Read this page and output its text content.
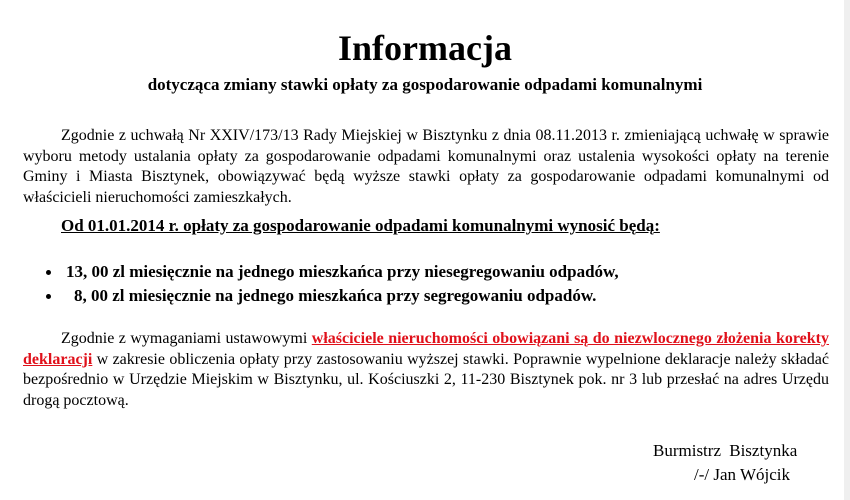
Informacja
dotycząca zmiany stawki opłaty za gospodarowanie odpadami komunalnymi
Zgodnie z uchwałą Nr XXIV/173/13 Rady Miejskiej w Bisztynku z dnia 08.11.2013 r. zmieniającą uchwałę w sprawie wyboru metody ustalania opłaty za gospodarowanie odpadami komunalnymi oraz ustalenia wysokości opłaty na terenie Gminy i Miasta Bisztynek, obowiązywać będą wyższe stawki opłaty za gospodarowanie odpadami komunalnymi od właścicieli nieruchomości zamieszkałych.
Od 01.01.2014 r. opłaty za gospodarowanie odpadami komunalnymi wynosić będą:
13, 00 zl miesięcznie na jednego mieszkańca przy niesegregowaniu odpadów,
8, 00 zl miesięcznie na jednego mieszkańca przy segregowaniu odpadów.
Zgodnie z wymaganiami ustawowymi właściciele nieruchomości obowiązani są do niezwlocznego złożenia korekty deklaracji w zakresie obliczenia opłaty przy zastosowaniu wyższej stawki. Poprawnie wypelnione deklaracje należy składać bezpośrednio w Urzędzie Miejskim w Bisztynku, ul. Kościuszki 2, 11-230 Bisztynek pok. nr 3 lub przesłać na adres Urzędu drogą pocztową.
Burmistrz Bisztynka
/-/ Jan Wójcik
